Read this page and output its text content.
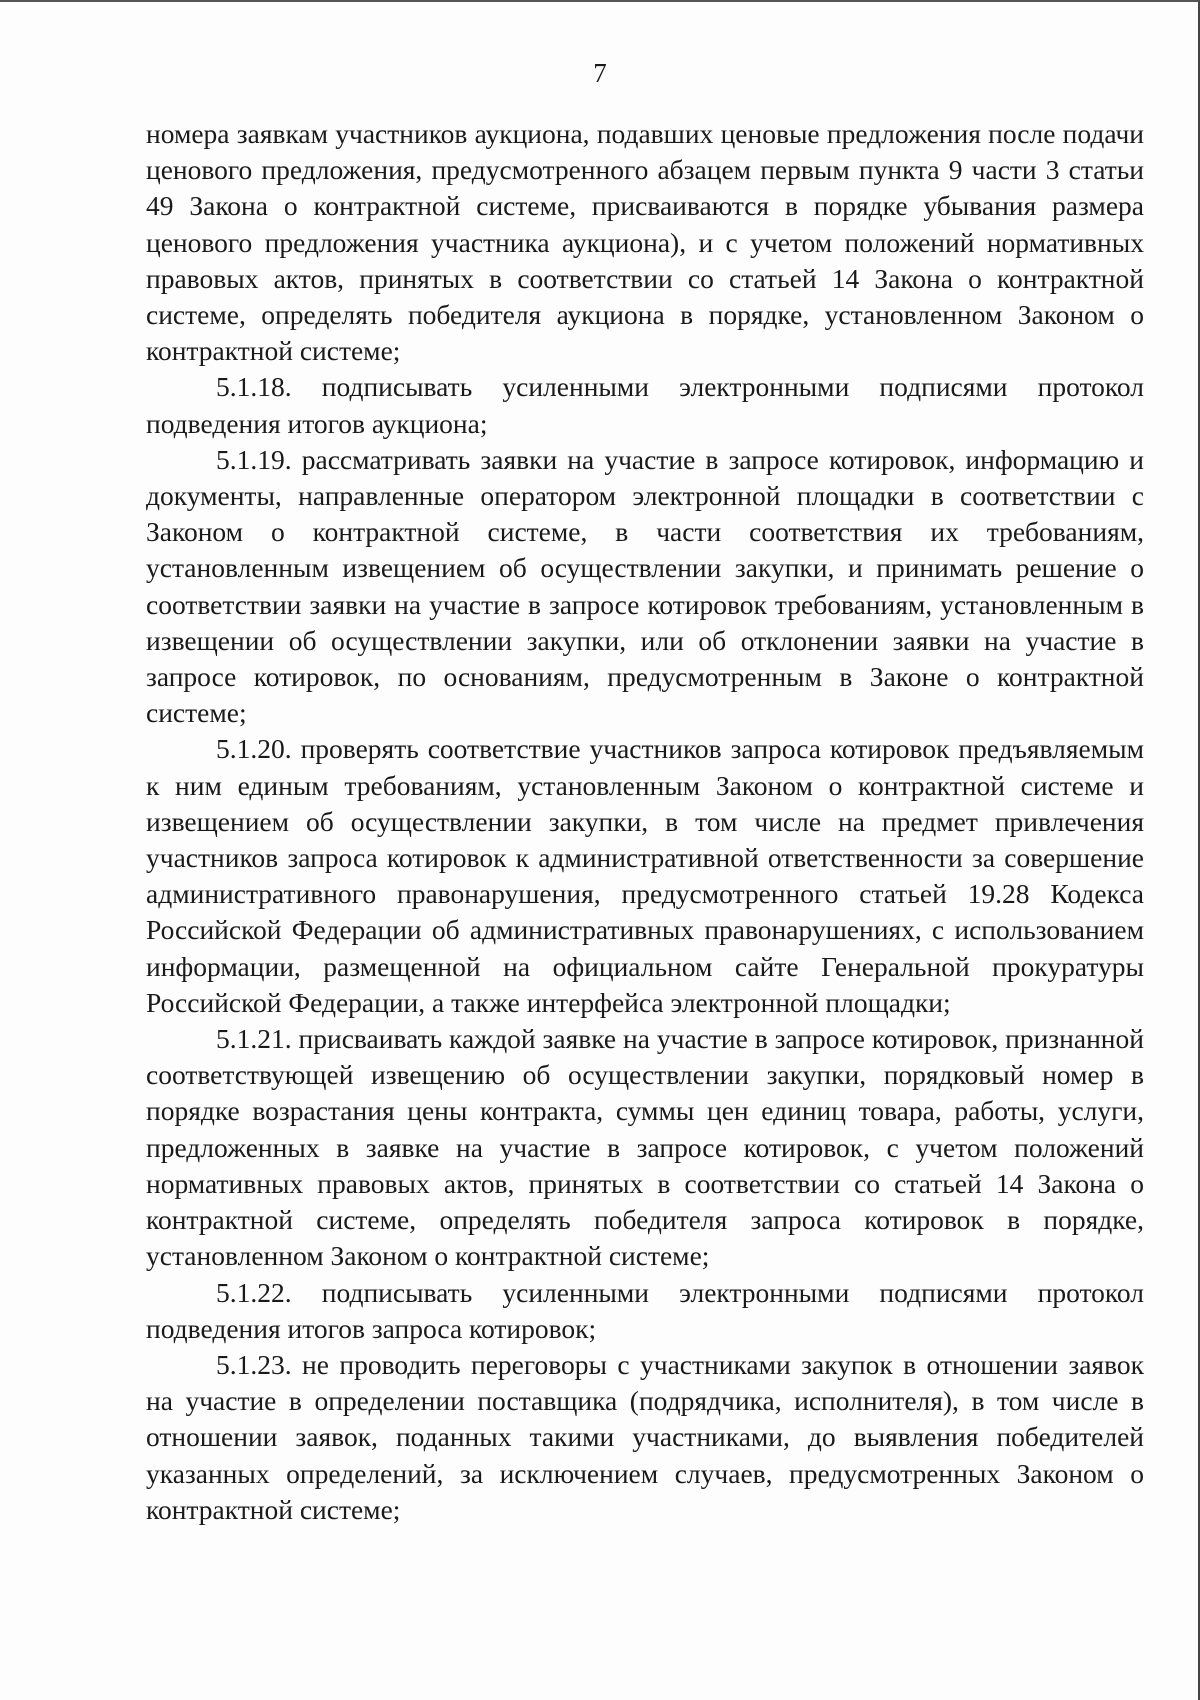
7

номера заявкам участников аукциона, подавших ценовые предложения после подачи ценового предложения, предусмотренного абзацем первым пункта 9 части 3 статьи 49 Закона о контрактной системе, присваиваются в порядке убывания размера ценового предложения участника аукциона), и с учетом положений нормативных правовых актов, принятых в соответствии со статьей 14 Закона о контрактной системе, определять победителя аукциона в порядке, установленном Законом о контрактной системе;

5.1.18. подписывать усиленными электронными подписями протокол подведения итогов аукциона;

5.1.19. рассматривать заявки на участие в запросе котировок, информацию и документы, направленные оператором электронной площадки в соответствии с Законом о контрактной системе, в части соответствия их требованиям, установленным извещением об осуществлении закупки, и принимать решение о соответствии заявки на участие в запросе котировок требованиям, установленным в извещении об осуществлении закупки, или об отклонении заявки на участие в запросе котировок, по основаниям, предусмотренным в Законе о контрактной системе;

5.1.20. проверять соответствие участников запроса котировок предъявляемым к ним единым требованиям, установленным Законом о контрактной системе и извещением об осуществлении закупки, в том числе на предмет привлечения участников запроса котировок к административной ответственности за совершение административного правонарушения, предусмотренного статьей 19.28 Кодекса Российской Федерации об административных правонарушениях, с использованием информации, размещенной на официальном сайте Генеральной прокуратуры Российской Федерации, а также интерфейса электронной площадки;

5.1.21. присваивать каждой заявке на участие в запросе котировок, признанной соответствующей извещению об осуществлении закупки, порядковый номер в порядке возрастания цены контракта, суммы цен единиц товара, работы, услуги, предложенных в заявке на участие в запросе котировок, с учетом положений нормативных правовых актов, принятых в соответствии со статьей 14 Закона о контрактной системе, определять победителя запроса котировок в порядке, установленном Законом о контрактной системе;

5.1.22. подписывать усиленными электронными подписями протокол подведения итогов запроса котировок;

5.1.23. не проводить переговоры с участниками закупок в отношении заявок на участие в определении поставщика (подрядчика, исполнителя), в том числе в отношении заявок, поданных такими участниками, до выявления победителей указанных определений, за исключением случаев, предусмотренных Законом о контрактной системе;
